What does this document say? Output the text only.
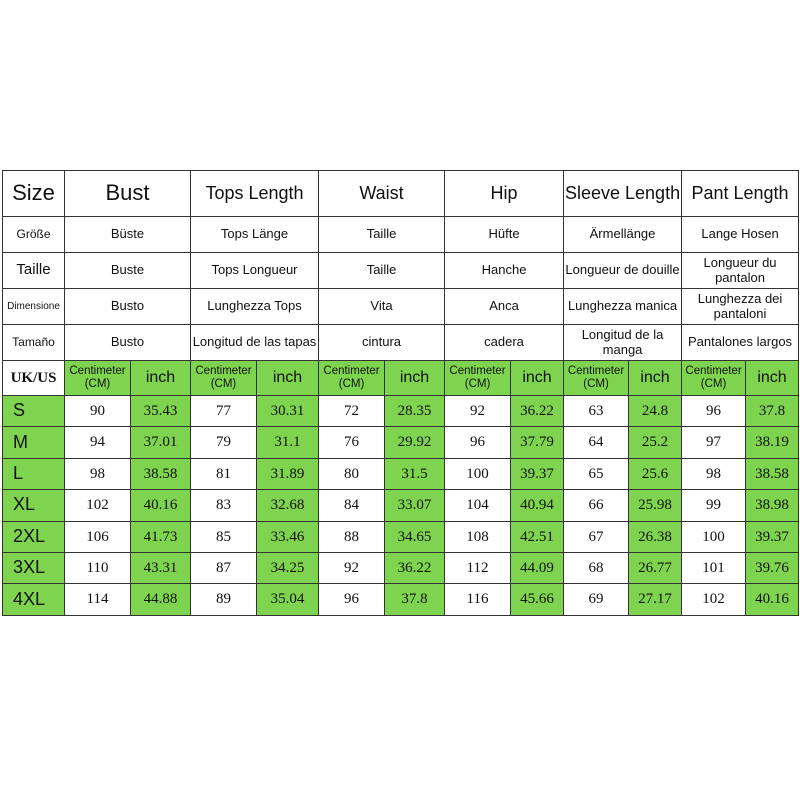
Size	Bust		Tops Length		Waist		Hip		Sleeve Length		Pant Length	
Größe	Büste		Tops Länge		Taille		Hüfte		Ärmellänge		Lange Hosen	
Taille	Buste		Tops Longueur		Taille		Hanche		Longueur de douille		Longueur du pantalon	
Dimensione	Busto		Lunghezza Tops		Vita		Anca		Lunghezza manica		Lunghezza dei pantaloni	
Tamaño	Busto		Longitud de las tapas		cintura		cadera		Longitud de la manga		Pantalones largos	
UK/US	Centimeter (CM)	inch	Centimeter (CM)	inch	Centimeter (CM)	inch	Centimeter (CM)	inch	Centimeter (CM)	inch	Centimeter (CM)	inch
S	90	35.43	77	30.31	72	28.35	92	36.22	63	24.8	96	37.8
M	94	37.01	79	31.1	76	29.92	96	37.79	64	25.2	97	38.19
L	98	38.58	81	31.89	80	31.5	100	39.37	65	25.6	98	38.58
XL	102	40.16	83	32.68	84	33.07	104	40.94	66	25.98	99	38.98
2XL	106	41.73	85	33.46	88	34.65	108	42.51	67	26.38	100	39.37
3XL	110	43.31	87	34.25	92	36.22	112	44.09	68	26.77	101	39.76
4XL	114	44.88	89	35.04	96	37.8	116	45.66	69	27.17	102	40.16
